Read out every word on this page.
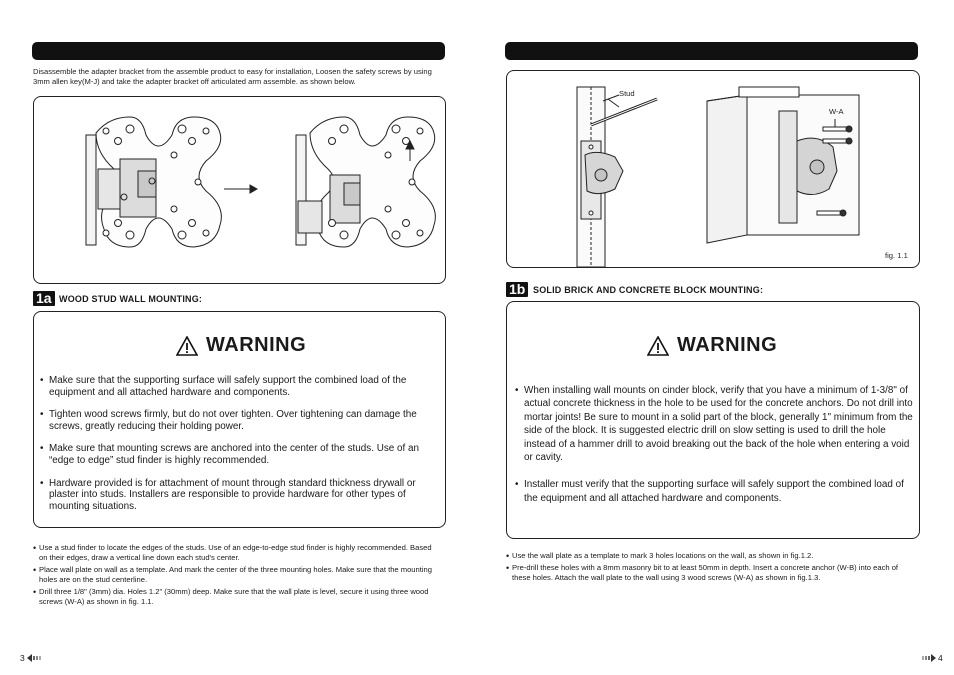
Disassemble the adapter bracket from the assemble product to easy for installation, Loosen the safety screws by using 3mm allen key(M-J) and take the adapter bracket off articulated arm assemble. as shown below.
1a WOOD STUD WALL MOUNTING:
WARNING
• Make sure that the supporting surface will safely support the combined load of the equipment and all attached hardware and components.
• Tighten wood screws firmly, but do not over tighten. Over tightening can damage the screws, greatly reducing their holding power.
• Make sure that mounting screws are anchored into the center of the studs. Use of an “edge to edge” stud finder is highly recommended.
• Hardware provided is for attachment of mount through standard thickness drywall or plaster into studs. Installers are responsible to provide hardware for other types of mounting situations.
• Use a stud finder to locate the edges of the studs. Use of an edge-to-edge stud finder is highly recommended. Based on their edges, draw a vertical line down each stud's center.
• Place wall plate on wall as a template. And mark the center of the three mounting holes. Make sure that the mounting holes are on the stud centerline.
• Drill three 1/8" (3mm) dia. Holes 1.2" (30mm) deep. Make sure that the wall plate is level, secure it using three wood screws (W-A) as shown in fig. 1.1.
3
Stud
W-A
fig. 1.1
1b SOLID BRICK AND CONCRETE BLOCK MOUNTING:
WARNING
• When installing wall mounts on cinder block, verify that you have a minimum of 1-3/8" of actual concrete thickness in the hole to be used for the concrete anchors. Do not drill into mortar joints! Be sure to mount in a solid part of the block, generally 1" minimum from the side of the block. It is suggested electric drill on slow setting is used to drill the hole instead of a hammer drill to avoid breaking out the back of the hole when entering a void or cavity.
• Installer must verify that the supporting surface will safely support the combined load of the equipment and all attached hardware and components.
• Use the wall plate as a template to mark 3 holes locations on the wall, as shown in fig.1.2.
• Pre-drill these holes with a 8mm masonry bit to at least 50mm in depth. Insert a concrete anchor (W-B) into each of these holes. Attach the wall plate to the wall using 3 wood screws (W-A) as shown in fig.1.3.
4
